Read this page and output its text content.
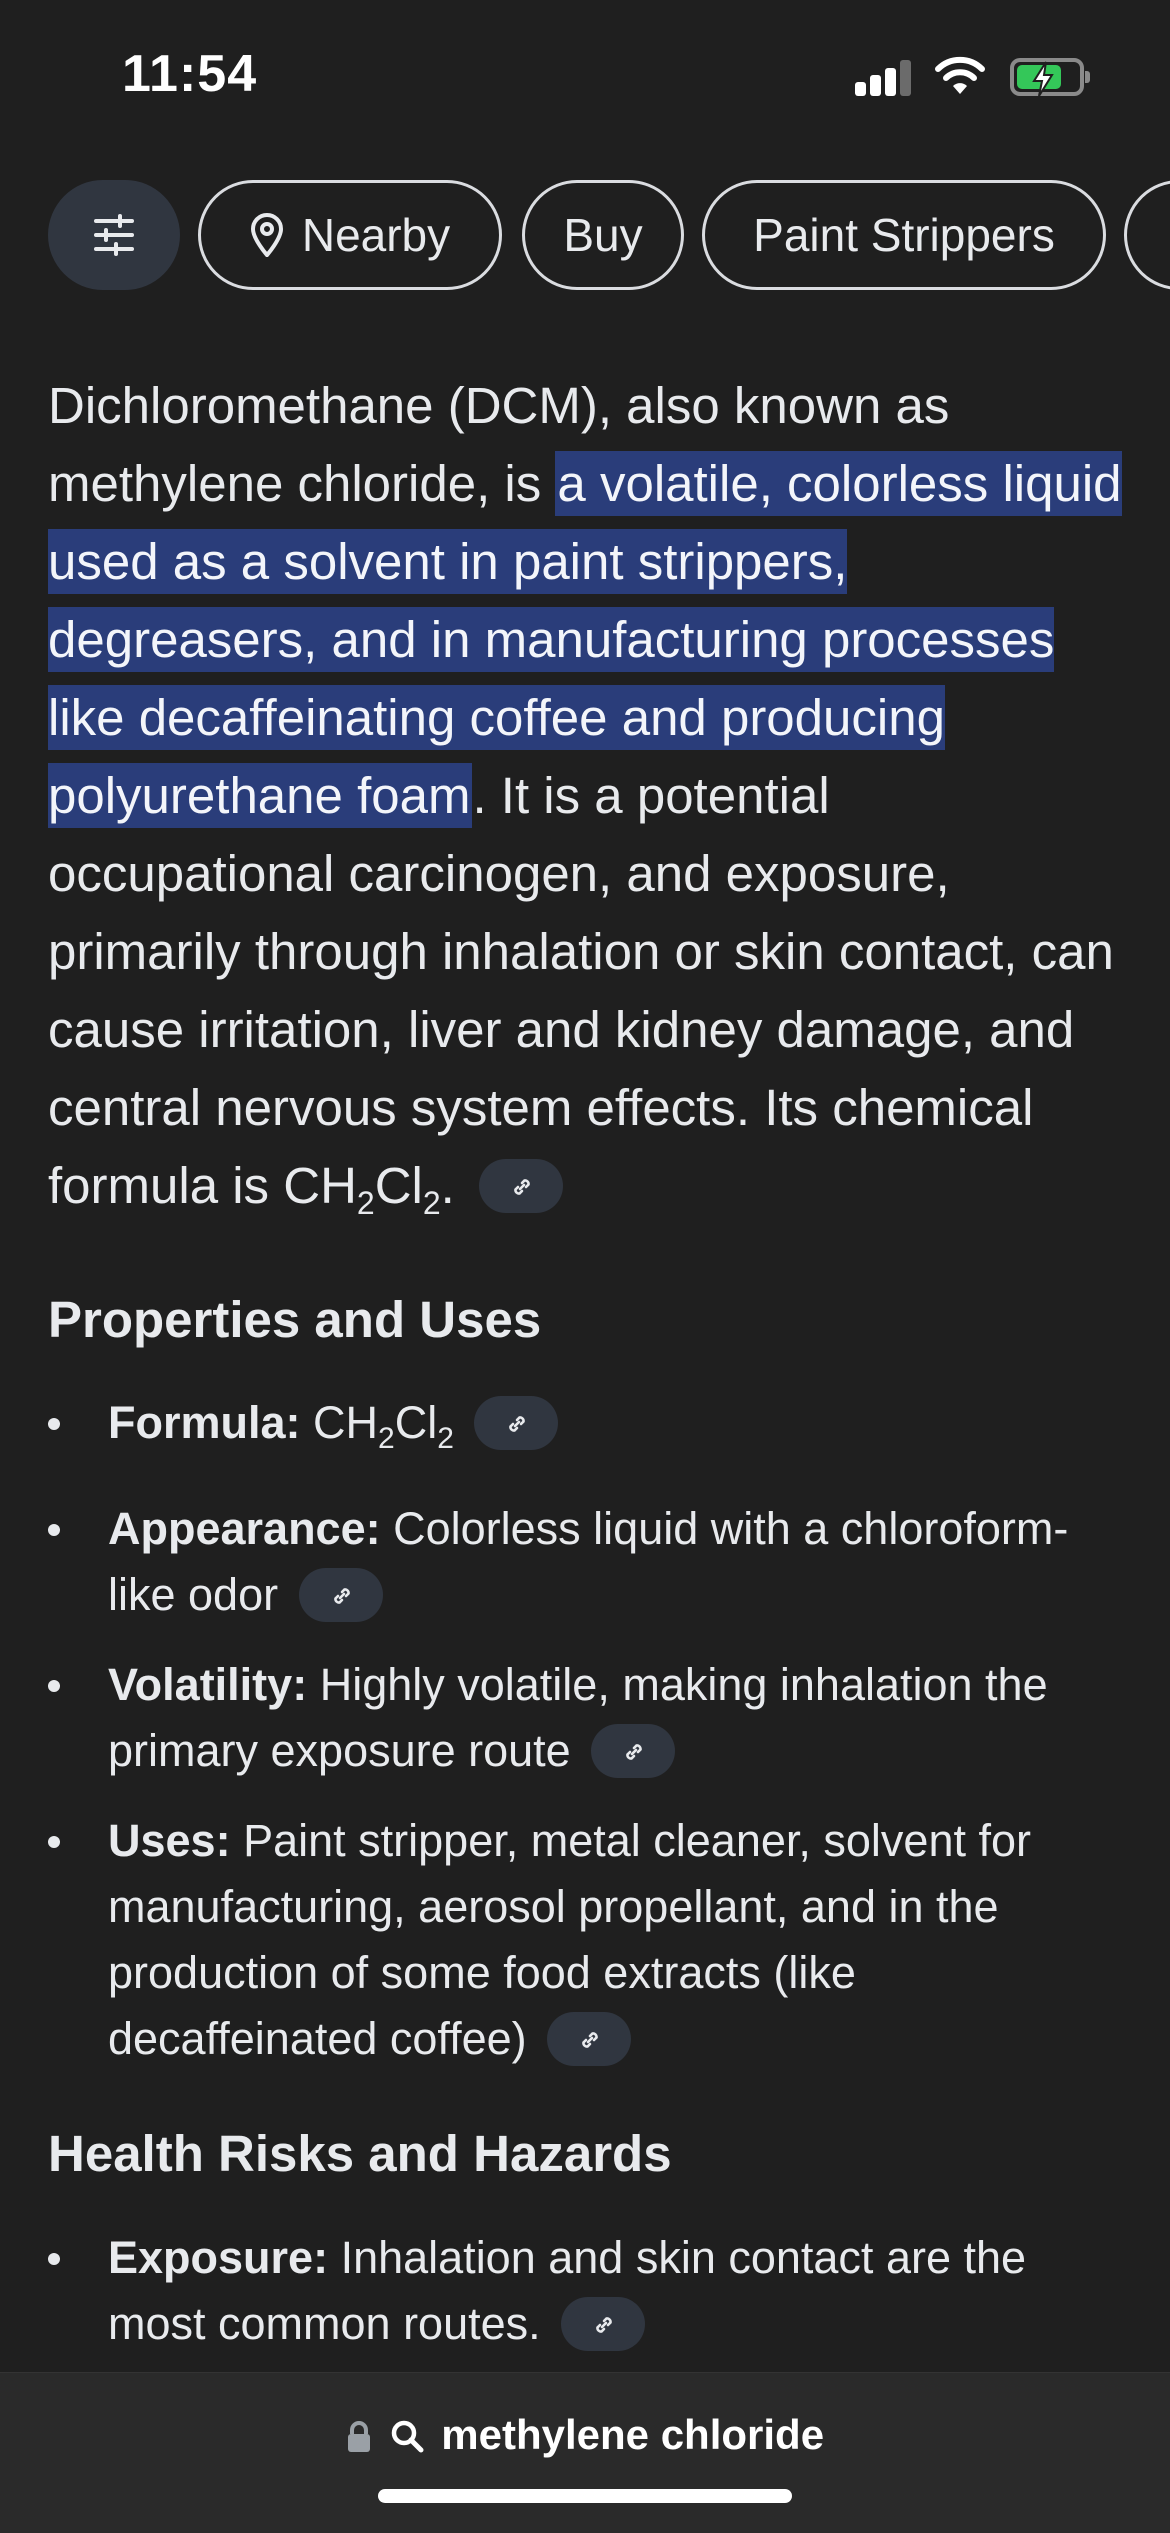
11:54
Nearby Buy Paint Strippers
Dichloromethane (DCM), also known as methylene chloride, is a volatile, colorless liquid used as a solvent in paint strippers, degreasers, and in manufacturing processes like decaffeinating coffee and producing polyurethane foam. It is a potential occupational carcinogen, and exposure, primarily through inhalation or skin contact, can cause irritation, liver and kidney damage, and central nervous system effects. Its chemical formula is $CH_2Cl_2$.
Properties and Uses
Formula: $CH_2Cl_2$
Appearance: Colorless liquid with a chloroform-like odor
Volatility: Highly volatile, making inhalation the primary exposure route
Uses: Paint stripper, metal cleaner, solvent for manufacturing, aerosol propellant, and in the production of some food extracts (like decaffeinated coffee)
Health Risks and Hazards
Exposure: Inhalation and skin contact are the most common routes.
methylene chloride
